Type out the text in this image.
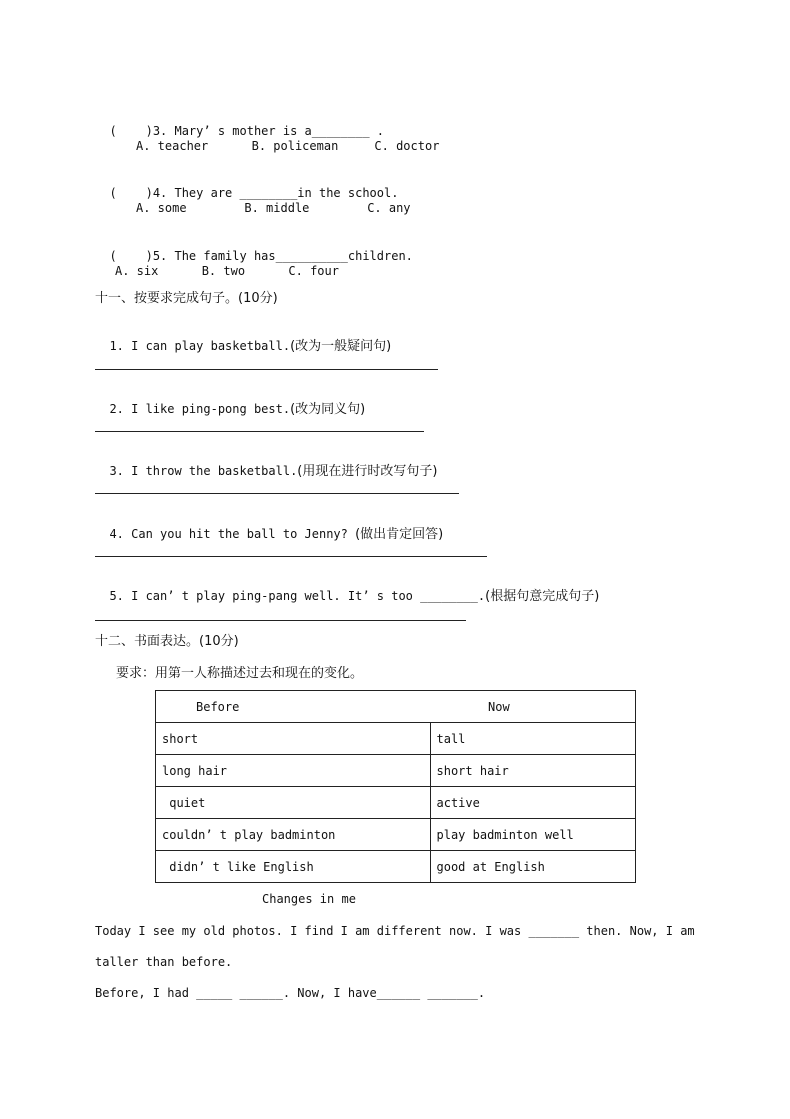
(    )3. Mary’ s mother is a________ .

A. teacher      B. policeman     C. doctor

(    )4. They are ________in the school.

A. some        B. middle        C. any

(    )5. The family has__________children.

A. six      B. two      C. four
十一、按要求完成句子。(10分)

1. I can play basketball.(改为一般疑问句)

2. I like ping-pong best.(改为同义句)

3. I throw the basketball.(用现在进行时改写句子)

4. Can you hit the ball to Jenny? (做出肯定回答)

5. I can’ t play ping-pang well. It’ s too ________.(根据句意完成句子)

十二、书面表达。(10分)
要求：用第一人称描述过去和现在的变化。
Before	Now
short	tall
long hair	short hair
quiet	active
couldn’ t play badminton	play badminton well
didn’ t like English	good at English
Changes in me
Today I see my old photos. I find I am different now. I was _______ then. Now, I am
taller than before.
Before, I had _____ ______. Now, I have______ _______.
